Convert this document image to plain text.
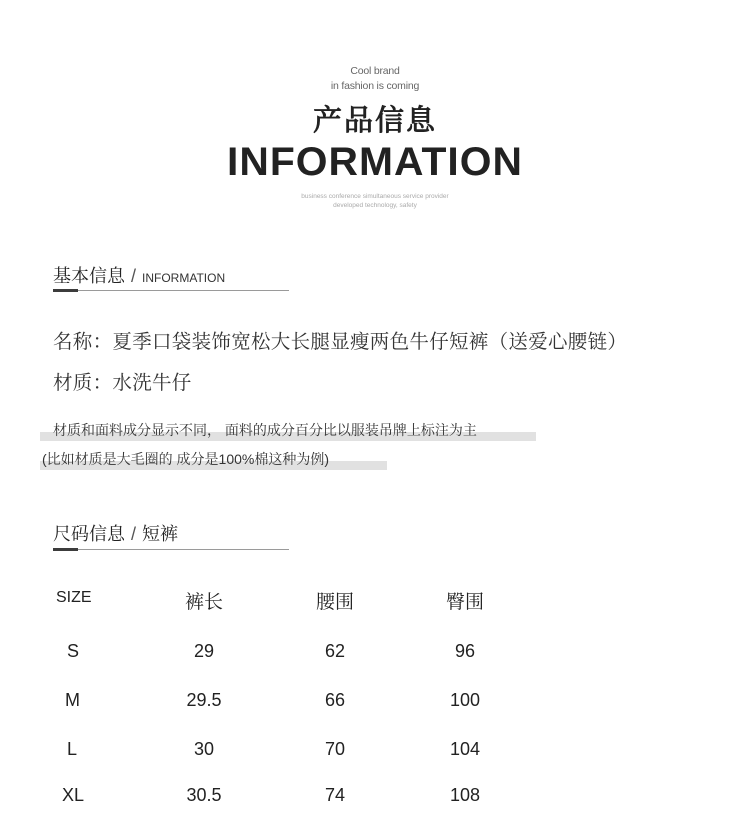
Cool brand
in fashion is coming
产品信息
INFORMATION
business conference simultaneous service provider
developed technology, safety
基本信息 / INFORMATION
名称：夏季口袋装饰宽松大长腿显瘦两色牛仔短裤（送爱心腰链）
材质：水洗牛仔
材质和面料成分显示不同， 面料的成分百分比以服装吊牌上标注为主
(比如材质是大毛圈的 成分是100%棉这种为例)
尺码信息 / 短裤
SIZE	裤长	腰围	臀围
S	29	62	96
M	29.5	66	100
L	30	70	104
XL	30.5	74	108
